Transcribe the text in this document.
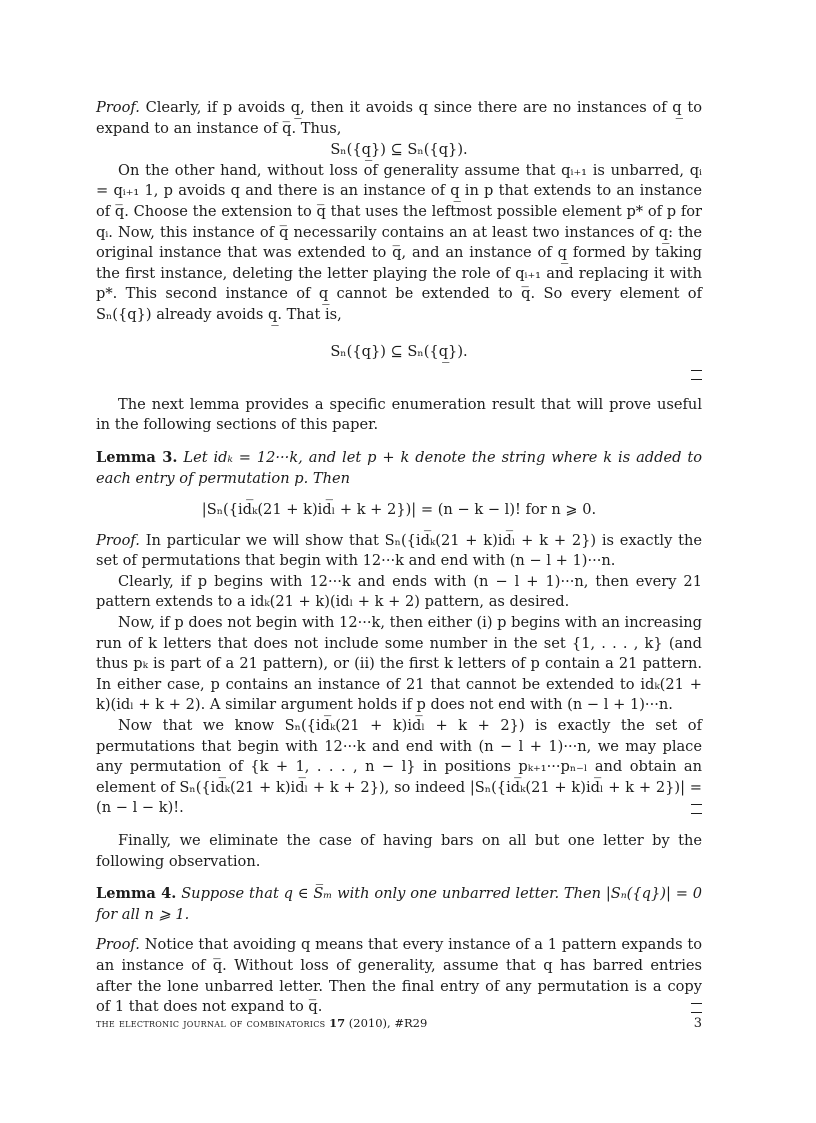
Proof. Clearly, if p avoids q̲, then it avoids q since there are no instances of q̲ to expand to an instance of q̅. Thus,

Sₙ({q̲}) ⊆ Sₙ({q}).

On the other hand, without loss of generality assume that qᵢ₊₁ is unbarred, qᵢ = qᵢ₊₁ 1, p avoids q and there is an instance of q̲ in p that extends to an instance of q̅. Choose the extension to q̅ that uses the leftmost possible element p* of p for qᵢ. Now, this instance of q̅ necessarily contains an at least two instances of q̲: the original instance that was extended to q̅, and an instance of q̲ formed by taking the first instance, deleting the letter playing the role of qᵢ₊₁ and replacing it with p*. This second instance of q̲ cannot be extended to q̅. So every element of Sₙ({q}) already avoids q̲. That is,

Sₙ({q}) ⊆ Sₙ({q̲}).

The next lemma provides a specific enumeration result that will prove useful in the following sections of this paper.

Lemma 3. Let idₖ = 12···k, and let p + k denote the string where k is added to each entry of permutation p. Then

|Sₙ({id̅ₖ(21 + k)id̅ₗ + k + 2})| = (n − k − l)! for n ⩾ 0.

Proof. In particular we will show that Sₙ({id̅ₖ(21 + k)id̅ₗ + k + 2}) is exactly the set of permutations that begin with 12···k and end with (n − l + 1)···n.

Clearly, if p begins with 12···k and ends with (n − l + 1)···n, then every 21 pattern extends to a idₖ(21 + k)(idₗ + k + 2) pattern, as desired.

Now, if p does not begin with 12···k, then either (i) p begins with an increasing run of k letters that does not include some number in the set {1, . . . , k} (and thus pₖ is part of a 21 pattern), or (ii) the first k letters of p contain a 21 pattern. In either case, p contains an instance of 21 that cannot be extended to idₖ(21 + k)(idₗ + k + 2). A similar argument holds if p does not end with (n − l + 1)···n.

Now that we know Sₙ({id̅ₖ(21 + k)id̅ₗ + k + 2}) is exactly the set of permutations that begin with 12···k and end with (n − l + 1)···n, we may place any permutation of {k + 1, . . . , n − l} in positions pₖ₊₁···pₙ₋ₗ and obtain an element of Sₙ({id̅ₖ(21 + k)id̅ₗ + k + 2}), so indeed |Sₙ({id̅ₖ(21 + k)id̅ₗ + k + 2})| = (n − l − k)!.

Finally, we eliminate the case of having bars on all but one letter by the following observation.

Lemma 4. Suppose that q ∈ S̅ₘ with only one unbarred letter. Then |Sₙ({q})| = 0 for all n ⩾ 1.

Proof. Notice that avoiding q means that every instance of a 1 pattern expands to an instance of q̅. Without loss of generality, assume that q has barred entries after the lone unbarred letter. Then the final entry of any permutation is a copy of 1 that does not expand to q̅.

the electronic journal of combinatorics 17 (2010), #R29	3
